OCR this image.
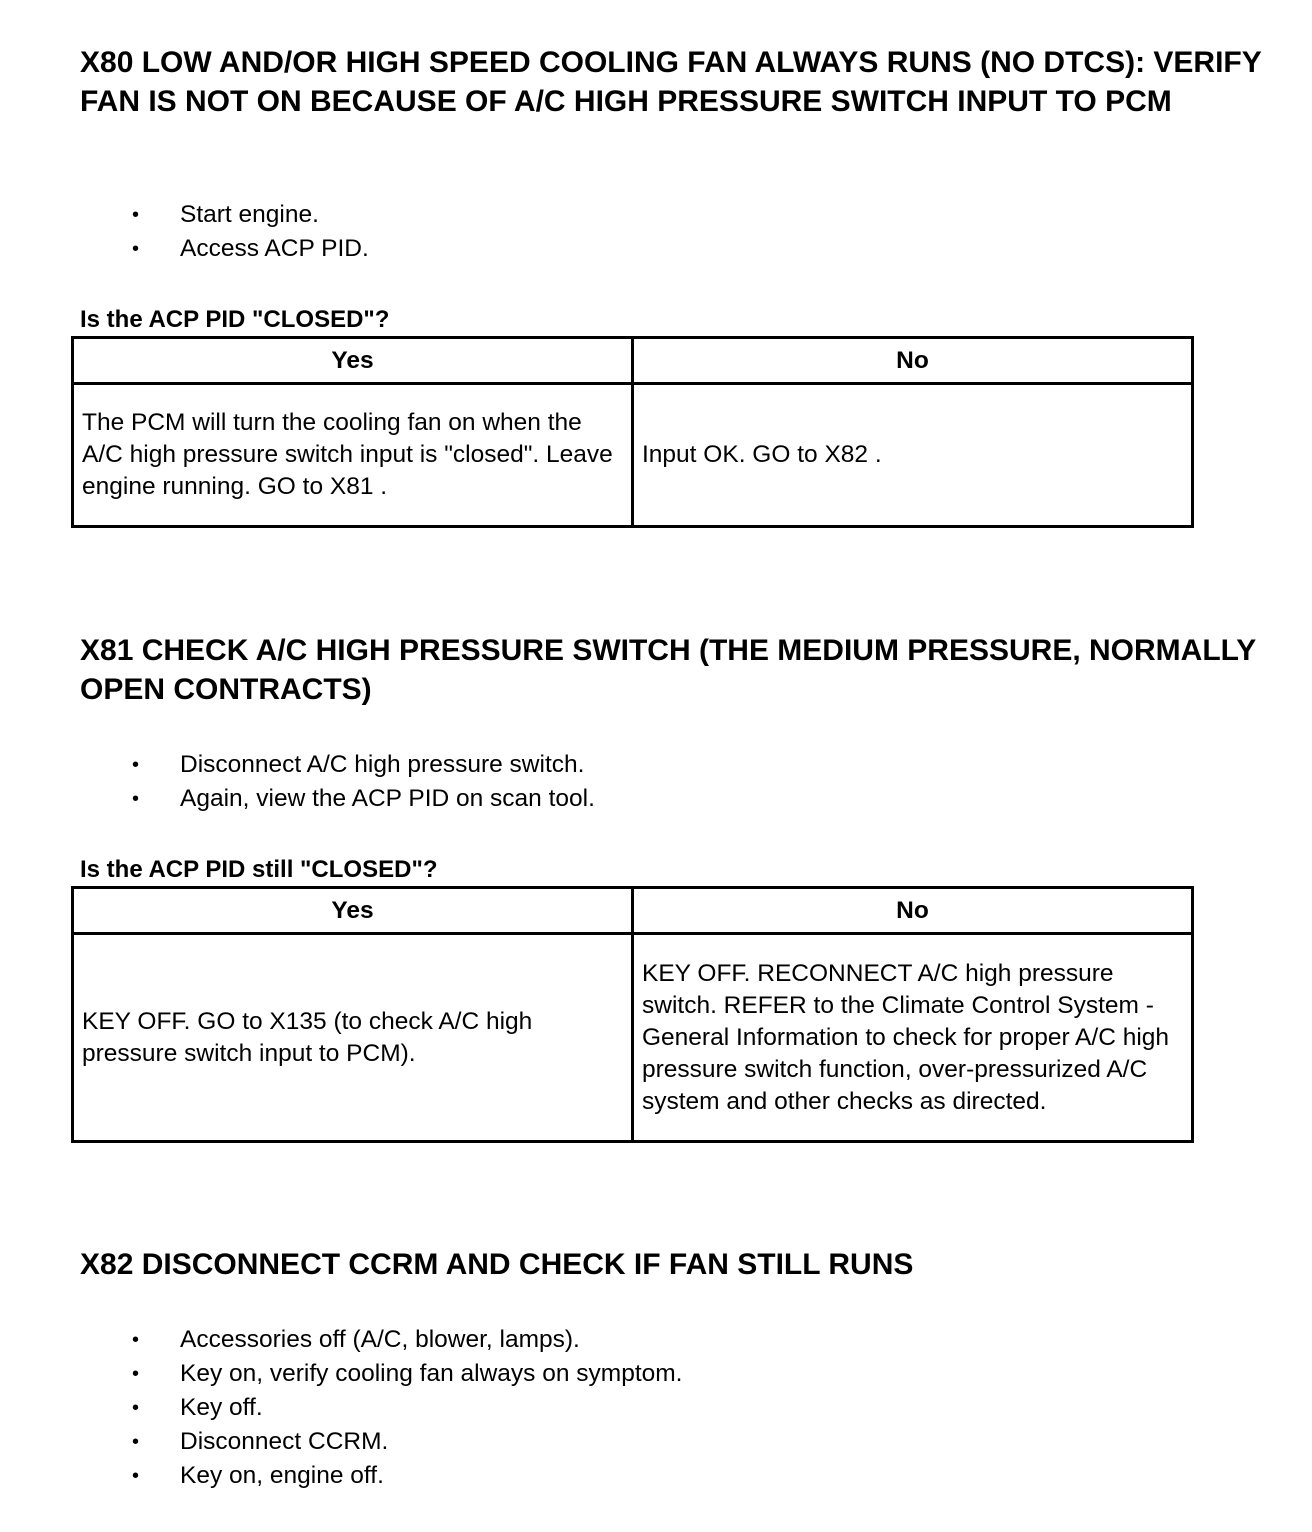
X80 LOW AND/OR HIGH SPEED COOLING FAN ALWAYS RUNS (NO DTCS): VERIFY FAN IS NOT ON BECAUSE OF A/C HIGH PRESSURE SWITCH INPUT TO PCM
• Start engine.
• Access ACP PID.
Is the ACP PID "CLOSED"?
Yes	No
The PCM will turn the cooling fan on when the A/C high pressure switch input is "closed". Leave engine running. GO to X81 .	Input OK. GO to X82 .
X81 CHECK A/C HIGH PRESSURE SWITCH (THE MEDIUM PRESSURE, NORMALLY OPEN CONTRACTS)
• Disconnect A/C high pressure switch.
• Again, view the ACP PID on scan tool.
Is the ACP PID still "CLOSED"?
Yes	No
KEY OFF. GO to X135 (to check A/C high pressure switch input to PCM).	KEY OFF. RECONNECT A/C high pressure switch. REFER to the Climate Control System - General Information to check for proper A/C high pressure switch function, over-pressurized A/C system and other checks as directed.
X82 DISCONNECT CCRM AND CHECK IF FAN STILL RUNS
• Accessories off (A/C, blower, lamps).
• Key on, verify cooling fan always on symptom.
• Key off.
• Disconnect CCRM.
• Key on, engine off.
